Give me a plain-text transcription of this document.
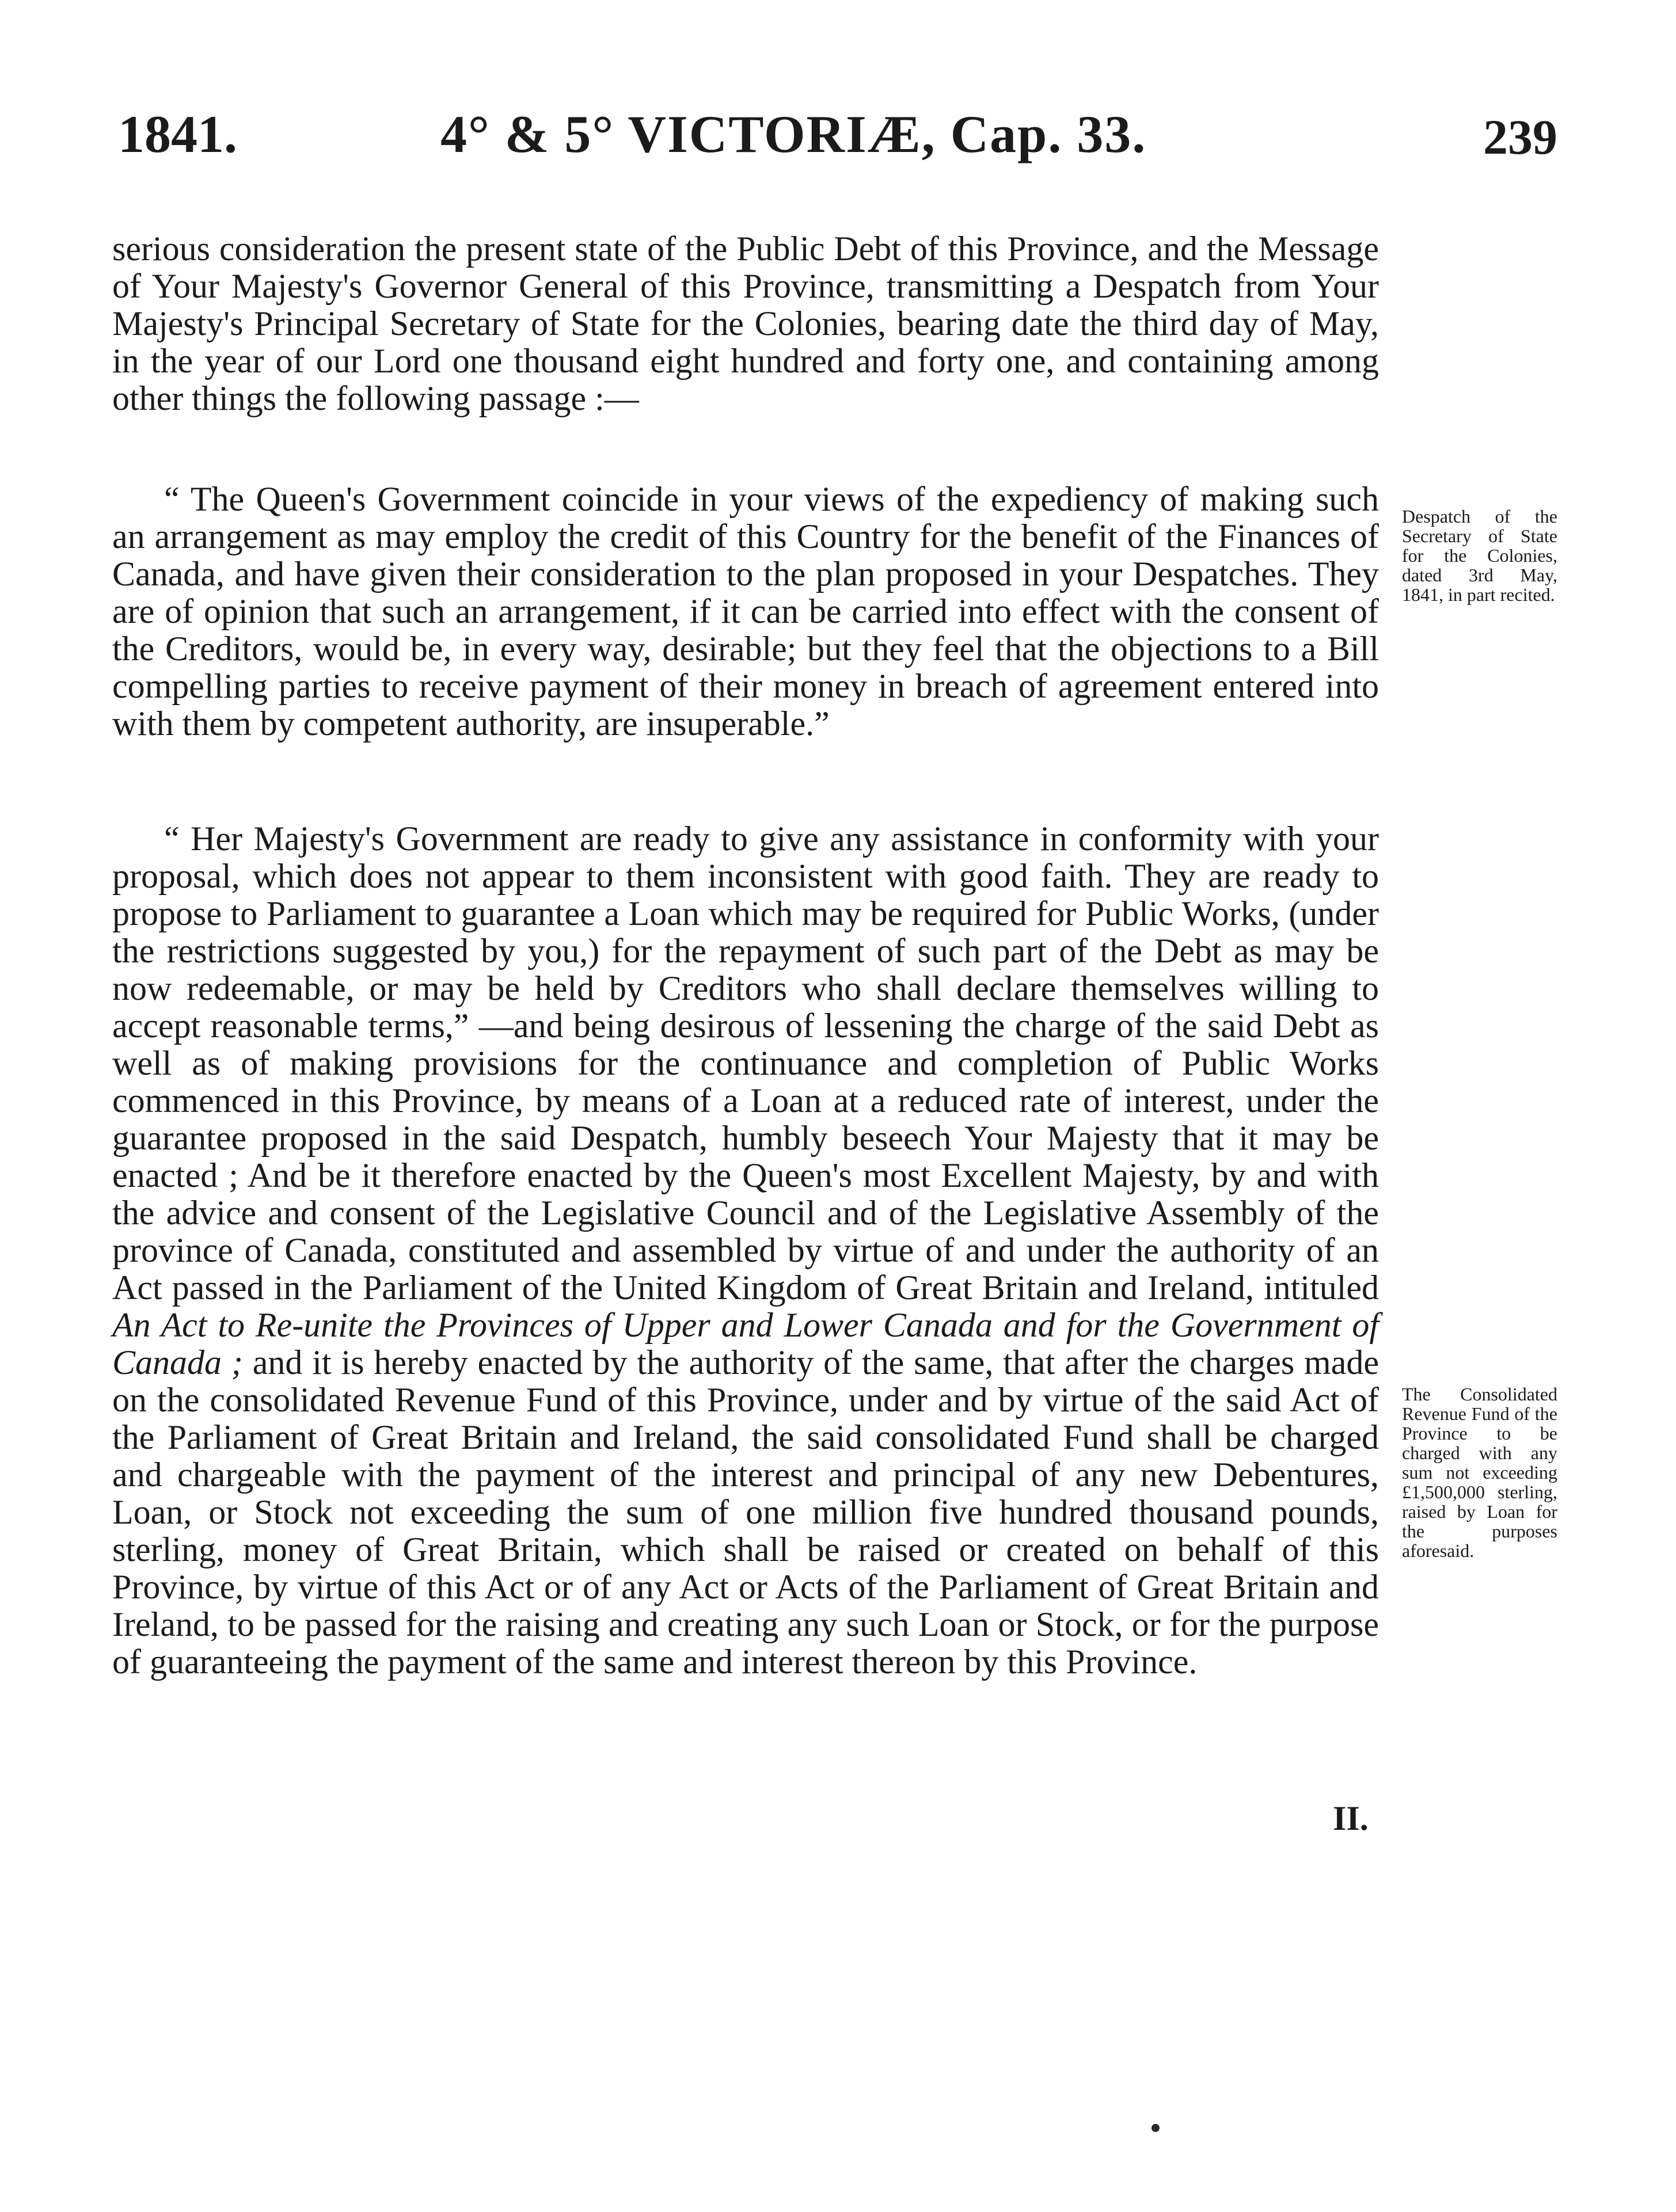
1841.	4° & 5° VICTORIÆ, Cap. 33.	239
serious consideration the present state of the Public Debt of this Province, and the Message of Your Majesty's Governor General of this Province, transmitting a Despatch from Your Majesty's Principal Secretary of State for the Colonies, bearing date the third day of May, in the year of our Lord one thousand eight hundred and forty one, and containing among other things the following passage :—
“ The Queen's Government coincide in your views of the expediency of making such an arrangement as may employ the credit of this Country for the benefit of the Finances of Canada, and have given their consideration to the plan proposed in your Despatches. They are of opinion that such an arrangement, if it can be carried into effect with the consent of the Creditors, would be, in every way, desirable; but they feel that the objections to a Bill compelling parties to receive payment of their money in breach of agreement entered into with them by competent authority, are insuperable.”
“ Her Majesty's Government are ready to give any assistance in conformity with your proposal, which does not appear to them inconsistent with good faith. They are ready to propose to Parliament to guarantee a Loan which may be required for Public Works, (under the restrictions suggested by you,) for the repayment of such part of the Debt as may be now redeemable, or may be held by Creditors who shall declare themselves willing to accept reasonable terms,” —and being desirous of lessening the charge of the said Debt as well as of making provisions for the continuance and completion of Public Works commenced in this Province, by means of a Loan at a reduced rate of interest, under the guarantee proposed in the said Despatch, humbly beseech Your Majesty that it may be enacted ; And be it therefore enacted by the Queen's most Excellent Majesty, by and with the advice and consent of the Legislative Council and of the Legislative Assembly of the province of Canada, constituted and assembled by virtue of and under the authority of an Act passed in the Parliament of the United Kingdom of Great Britain and Ireland, intituled An Act to Re-unite the Provinces of Upper and Lower Canada and for the Government of Canada ; and it is hereby enacted by the authority of the same, that after the charges made on the consolidated Revenue Fund of this Province, under and by virtue of the said Act of the Parliament of Great Britain and Ireland, the said consolidated Fund shall be charged and chargeable with the payment of the interest and principal of any new Debentures, Loan, or Stock not exceeding the sum of one million five hundred thousand pounds, sterling, money of Great Britain, which shall be raised or created on behalf of this Province, by virtue of this Act or of any Act or Acts of the Parliament of Great Britain and Ireland, to be passed for the raising and creating any such Loan or Stock, or for the purpose of guaranteeing the payment of the same and interest thereon by this Province.
Despatch of the Secretary of State for the Colonies, dated 3rd May, 1841, in part recited.
The Consolidated Revenue Fund of the Province to be charged with any sum not exceeding £1,500,000 sterling, raised by Loan for the purposes aforesaid.
II.
